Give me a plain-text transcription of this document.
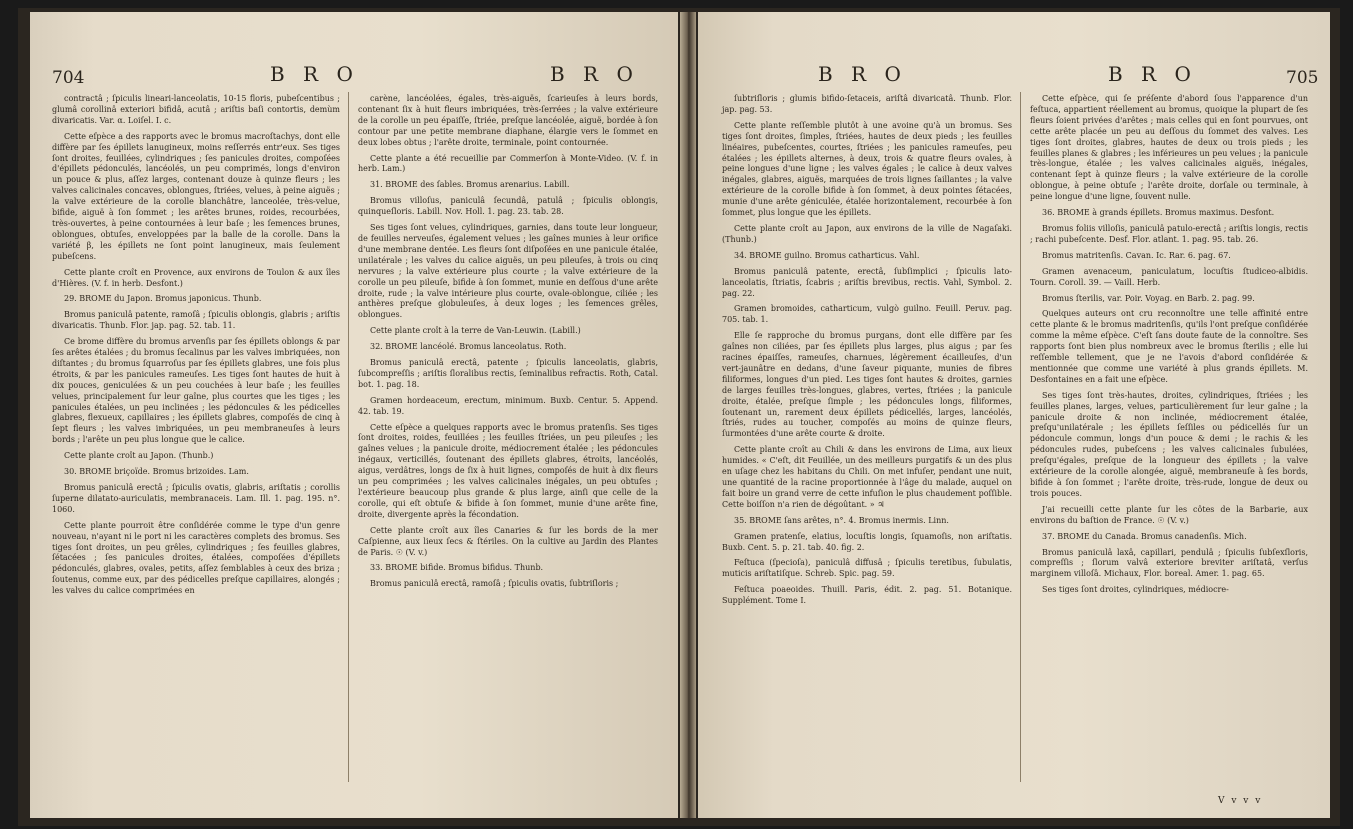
704	B R O	B R O

contractâ ; ſpiculis lineari-lanceolatis, 10-15 floris, pubeſcentibus ; glumâ corollinâ exteriori bifidâ, acutâ ; ariſtis baſi contortis, demùm divaricatis. Var. α. Loiſel. I. c.

Cette eſpèce a des rapports avec le bromus macroſtachys, dont elle diffère par ſes épillets lanugineux, moins reſſerrés entr'eux. Ses tiges ſont droites, feuillées, cylindriques ; ſes panicules droites, compoſées d'épillets pédonculés, lancéolés, un peu comprimés, longs d'environ un pouce & plus, aſſez larges, contenant douze à quinze fleurs ; les valves calicinales concaves, oblongues, ſtriées, velues, à peine aiguës ; la valve extérieure de la corolle blanchâtre, lanceolée, très-velue, bifide, aiguë à ſon ſommet ; les arêtes brunes, roides, recourbées, très-ouvertes, à peine contournées à leur baſe ; les ſemences brunes, oblongues, obtuſes, enveloppées par la balle de la corolle. Dans la variété β, les épillets ne ſont point lanugineux, mais ſeulement pubeſcens.

Cette plante croît en Provence, aux environs de Toulon & aux îles d'Hières. (V. f. in herb. Desfont.)

29. BROME du Japon. Bromus japonicus. Thunb.

Bromus paniculâ patente, ramoſâ ; ſpiculis oblongis, glabris ; ariſtis divaricatis. Thunb. Flor. jap. pag. 52. tab. 11.

Ce brome diffère du bromus arvenſis par ſes épillets oblongs & par ſes arêtes étalées ; du bromus ſecalinus par les valves imbriquées, non diſtantes ; du bromus ſquarroſus par ſes épillets glabres, une fois plus étroits, & par les panicules rameuſes. Les tiges ſont hautes de huit à dix pouces, geniculées & un peu couchées à leur baſe ; les feuilles velues, principalement ſur leur gaîne, plus courtes que les tiges ; les panicules étalées, un peu inclinées ; les pédoncules & les pédicelles glabres, flexueux, capillaires ; les épillets glabres, compoſés de cinq à ſept fleurs ; les valves imbriquées, un peu membraneuſes à leurs bords ; l'arête un peu plus longue que le calice.

Cette plante croît au Japon. (Thunb.)

30. BROME briçoïde. Bromus brizoides. Lam.

Bromus paniculâ erectâ ; ſpiculis ovatis, glabris, ariſtatis ; corollis ſuperne dilatato-auriculatis, membranaceis. Lam. Ill. 1. pag. 195. n°. 1060.

Cette plante pourroit être conſidérée comme le type d'un genre nouveau, n'ayant ni le port ni les caractères complets des bromus. Ses tiges ſont droites, un peu grêles, cylindriques ; ſes feuilles glabres, ſétacées ; ſes panicules droites, étalées, compoſées d'épillets pédonculés, glabres, ovales, petits, aſſez ſemblables à ceux des briza ; ſoutenus, comme eux, par des pédicelles preſque capillaires, alongés ; les valves du calice comprimées en

carène, lancéolées, égales, très-aiguës, ſcarieuſes à leurs bords, contenant ſix à huit fleurs imbriquées, très-ſerrées ; la valve extérieure de la corolle un peu épaiſſe, ſtriée, preſque lancéolée, aiguë, bordée à ſon contour par une petite membrane diaphane, élargie vers le ſommet en deux lobes obtus ; l'arête droite, terminale, point contournée.

Cette plante a été recueillie par Commerſon à Monte-Video. (V. f. in herb. Lam.)

31. BROME des ſables. Bromus arenarius. Labill.

Bromus villoſus, paniculâ ſecundâ, patulâ ; ſpiculis oblongis, quinqueſloris. Labill. Nov. Holl. 1. pag. 23. tab. 28.

Ses tiges ſont velues, cylindriques, garnies, dans toute leur longueur, de feuilles nerveuſes, également velues ; les gaînes munies à leur orifice d'une membrane dentée. Les fleurs ſont diſpoſées en une panicule étalée, unilatérale ; les valves du calice aiguës, un peu pileuſes, à trois ou cinq nervures ; la valve extérieure plus courte ; la valve extérieure de la corolle un peu pileuſe, bifide à ſon ſommet, munie en deſſous d'une arête droite, rude ; la valve intérieure plus courte, ovale-oblongue, ciliée ; les anthères preſque globuleuſes, à deux loges ; les ſemences grêles, oblongues.

Cette plante croît à la terre de Van-Leuwin. (Labill.)

32. BROME lancéolé. Bromus lanceolatus. Roth.

Bromus paniculâ erectâ, patente ; ſpiculis lanceolatis, glabris, ſubcompreſſis ; ariſtis ſloralibus rectis, ſeminalibus refractis. Roth, Catal. bot. 1. pag. 18.

Gramen hordeaceum, erectum, minimum. Buxb. Centur. 5. Append. 42. tab. 19.

Cette eſpèce a quelques rapports avec le bromus pratenſis. Ses tiges ſont droites, roides, feuillées ; les feuilles ſtriées, un peu pileuſes ; les gaînes velues ; la panicule droite, médiocrement étalée ; les pédoncules inégaux, verticillés, ſoutenant des épillets glabres, étroits, lancéolés, aigus, verdâtres, longs de ſix à huit lignes, compoſés de huit à dix fleurs un peu comprimées ; les valves calicinales inégales, un peu obtuſes ; l'extérieure beaucoup plus grande & plus large, ainſi que celle de la corolle, qui eſt obtuſe & bifide à ſon ſommet, munie d'une arête fine, droite, divergente après la fécondation.

Cette plante croît aux îles Canaries & ſur les bords de la mer Caſpienne, aux lieux ſecs & ſtériles. On la cultive au Jardin des Plantes de Paris. ☉ (V. v.)

33. BROME bifide. Bromus bifidus. Thunb.

Bromus paniculâ erectâ, ramoſâ ; ſpiculis ovatis, ſubtriſloris ;

B R O	B R O	705

ſubtriſloris ; glumis bifido-ſetaceis, ariſtâ divaricatâ. Thunb. Flor. jap. pag. 53.

Cette plante reſſemble plutôt à une avoine qu'à un bromus. Ses tiges ſont droites, ſimples, ſtriées, hautes de deux pieds ; les feuilles linéaires, pubeſcentes, courtes, ſtriées ; les panicules rameuſes, peu étalées ; les épillets alternes, à deux, trois & quatre fleurs ovales, à peine longues d'une ligne ; les valves égales ; le calice à deux valves inégales, glabres, aiguës, marquées de trois lignes ſaillantes ; la valve extérieure de la corolle bifide à ſon ſommet, à deux pointes ſétacées, munie d'une arête géniculée, étalée horizontalement, recourbée à ſon ſommet, plus longue que les épillets.

Cette plante croît au Japon, aux environs de la ville de Nagaſaki. (Thunb.)

34. BROME guilno. Bromus catharticus. Vahl.

Bromus paniculâ patente, erectâ, ſubſimplici ; ſpiculis lato-lanceolatis, ſtriatis, ſcabris ; ariſtis brevibus, rectis. Vahl, Symbol. 2. pag. 22.

Gramen bromoides, catharticum, vulgò guilno. Feuill. Peruv. pag. 705. tab. 1.

Elle ſe rapproche du bromus purgans, dont elle diffère par ſes gaînes non ciliées, par ſes épillets plus larges, plus aigus ; par ſes racines épaiſſes, rameuſes, charnues, légèrement écailleuſes, d'un vert-jaunâtre en dedans, d'une ſaveur piquante, munies de fibres filiformes, longues d'un pied. Les tiges ſont hautes & droites, garnies de larges feuilles très-longues, glabres, vertes, ſtriées ; la panicule droite, étalée, preſque ſimple ; les pédoncules longs, filiformes, ſoutenant un, rarement deux épillets pédicellés, larges, lancéolés, ſtriés, rudes au toucher, compoſés au moins de quinze fleurs, ſurmontées d'une arête courte & droite.

Cette plante croît au Chili & dans les environs de Lima, aux lieux humides. « C'eſt, dit Feuillée, un des meilleurs purgatifs & un des plus en uſage chez les habitans du Chili. On met infuſer, pendant une nuit, une quantité de la racine proportionnée à l'âge du malade, auquel on fait boire un grand verre de cette infuſion le plus chaudement poſſible. Cette boiſſon n'a rien de dégoûtant. » ♃

35. BROME ſans arêtes, n°. 4. Bromus inermis. Linn.

Gramen pratenſe, elatius, locuſtis longis, ſquamoſis, non ariſtatis. Buxb. Cent. 5. p. 21. tab. 40. fig. 2.

Feſtuca (ſpecioſa), paniculâ diffusâ ; ſpiculis teretibus, ſubulatis, muticis ariſtatiſque. Schreb. Spic. pag. 59.

Feſtuca poaeoides. Thuill. Paris, édit. 2. pag. 51. Botanique. Supplément. Tome I.

Cette eſpèce, qui ſe préſente d'abord ſous l'apparence d'un feſtuca, appartient réellement au bromus, quoique la plupart de ſes fleurs ſoient privées d'arêtes ; mais celles qui en ſont pourvues, ont cette arête placée un peu au deſſous du ſommet des valves. Les tiges ſont droites, glabres, hautes de deux ou trois pieds ; les feuilles planes & glabres ; les inférieures un peu velues ; la panicule très-longue, étalée ; les valves calicinales aiguës, inégales, contenant ſept à quinze fleurs ; la valve extérieure de la corolle oblongue, à peine obtuſe ; l'arête droite, dorſale ou terminale, à peine longue d'une ligne, ſouvent nulle.

36. BROME à grands épillets. Bromus maximus. Desfont.

Bromus foliis villoſis, paniculâ patulo-erectâ ; ariſtis longis, rectis ; rachi pubeſcente. Desf. Flor. atlant. 1. pag. 95. tab. 26.

Bromus matritenſis. Cavan. Ic. Rar. 6. pag. 67.

Gramen avenaceum, paniculatum, locuſtis ſtudiceo-albidis. Tourn. Coroll. 39. — Vaill. Herb.

Bromus ſterilis, var. Poir. Voyag. en Barb. 2. pag. 99.

Quelques auteurs ont cru reconnoître une telle affinité entre cette plante & le bromus madritenſis, qu'ils l'ont preſque conſidérée comme la même eſpèce. C'eſt ſans doute faute de la connoître. Ses rapports ſont bien plus nombreux avec le bromus ſterilis ; elle lui reſſemble tellement, que je ne l'avois d'abord conſidérée & mentionnée que comme une variété à plus grands épillets. M. Desfontaines en a fait une eſpèce.

Ses tiges ſont très-hautes, droites, cylindriques, ſtriées ; les feuilles planes, larges, velues, particulièrement ſur leur gaîne ; la panicule droite & non inclinée, médiocrement étalée, preſqu'unilatérale ; les épillets ſeſſiles ou pédicellés ſur un pédoncule commun, longs d'un pouce & demi ; le rachis & les pédoncules rudes, pubeſcens ; les valves calicinales ſubulées, preſqu'égales, preſque de la longueur des épillets ; la valve extérieure de la corolle alongée, aiguë, membraneuſe à ſes bords, bifide à ſon ſommet ; l'arête droite, très-rude, longue de deux ou trois pouces.

J'ai recueilli cette plante ſur les côtes de la Barbarie, aux environs du baſtion de France. ☉ (V. v.)

37. BROME du Canada. Bromus canadenſis. Mich.

Bromus paniculâ laxâ, capillari, pendulâ ; ſpiculis ſubſexſloris, compreſſis ; ſlorum valvâ exteriore breviter ariſtatâ, verſus marginem villoſâ. Michaux, Flor. boreal. Amer. 1. pag. 65.

Ses tiges ſont droites, cylindriques, médiocre-

V v v v
